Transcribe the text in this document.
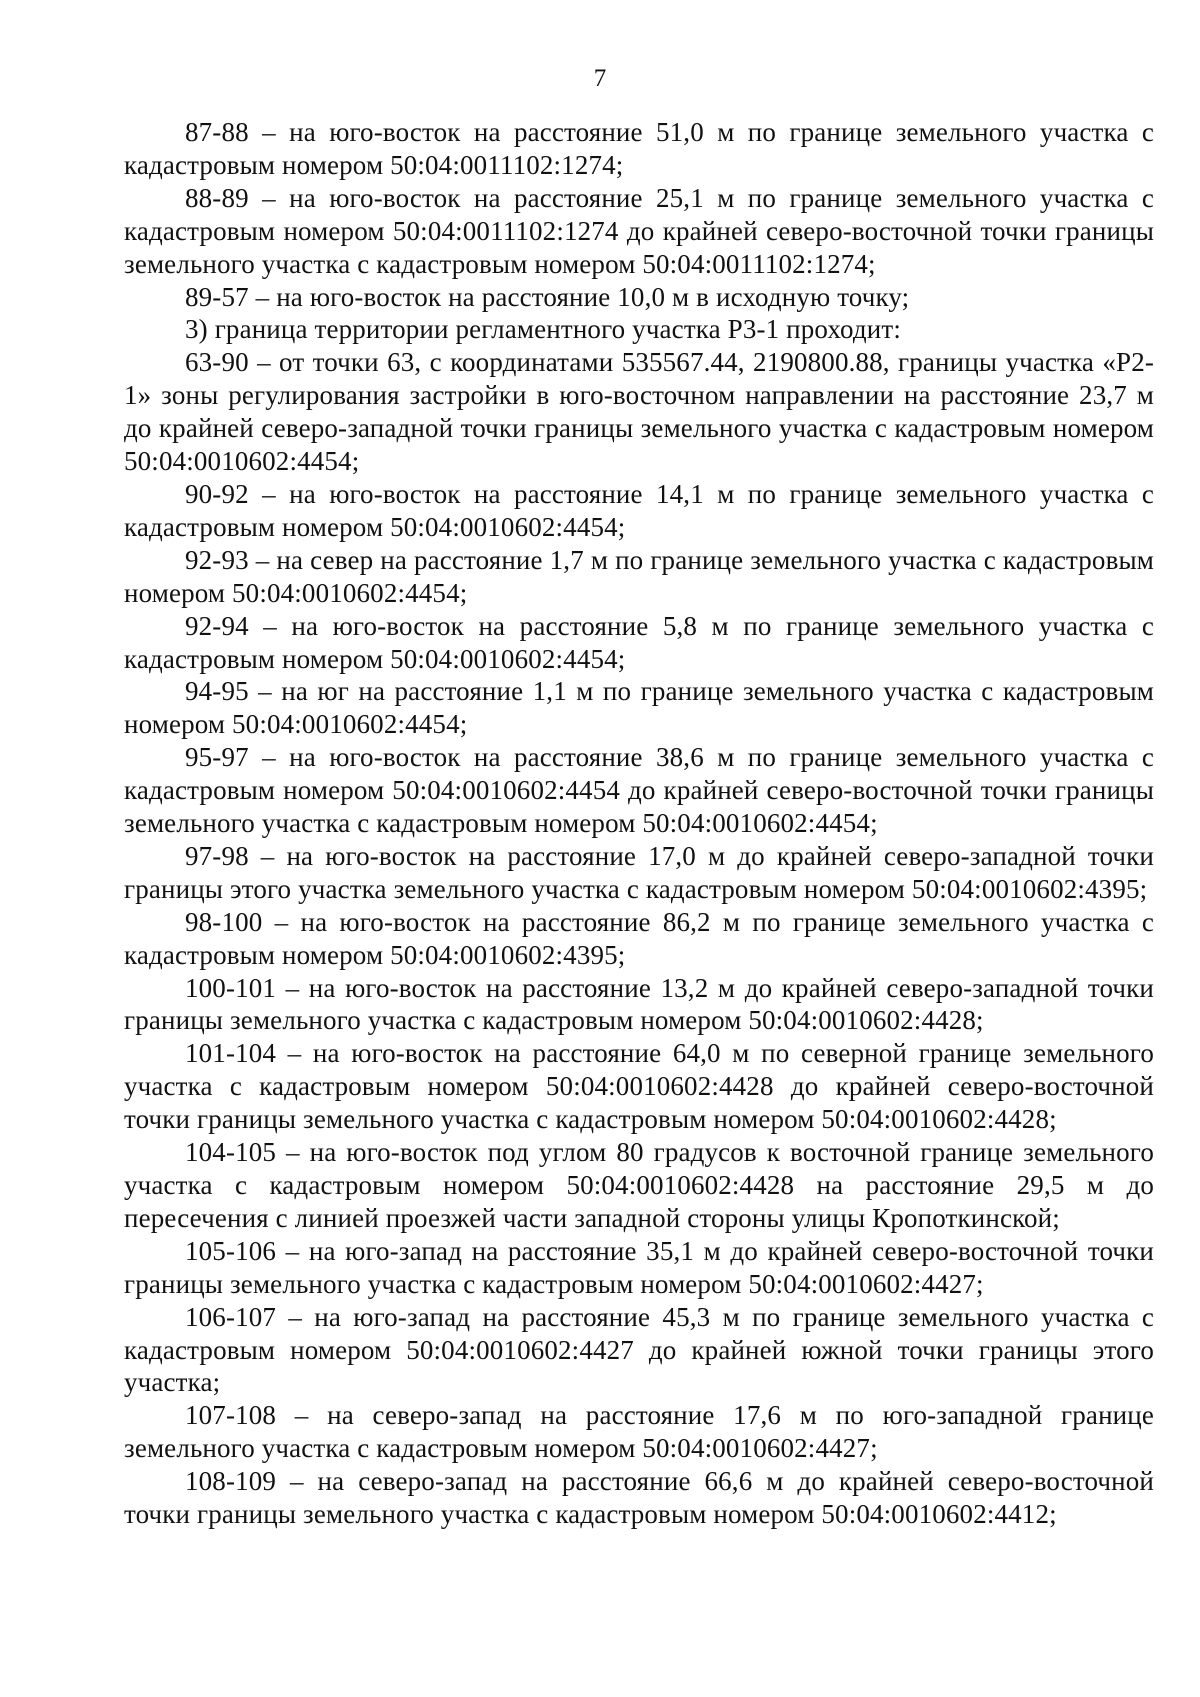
7

87-88 – на юго-восток на расстояние 51,0 м по границе земельного участка с кадастровым номером 50:04:0011102:1274;

88-89 – на юго-восток на расстояние 25,1 м по границе земельного участка с кадастровым номером 50:04:0011102:1274 до крайней северо-восточной точки границы земельного участка с кадастровым номером 50:04:0011102:1274;

89-57 – на юго-восток на расстояние 10,0 м в исходную точку;

3) граница территории регламентного участка Р3-1 проходит:

63-90 – от точки 63, с координатами 535567.44, 2190800.88, границы участка «Р2-1» зоны регулирования застройки в юго-восточном направлении на расстояние 23,7 м до крайней северо-западной точки границы земельного участка с кадастровым номером 50:04:0010602:4454;

90-92 – на юго-восток на расстояние 14,1 м по границе земельного участка с кадастровым номером 50:04:0010602:4454;

92-93 – на север на расстояние 1,7 м по границе земельного участка с кадастровым номером 50:04:0010602:4454;

92-94 – на юго-восток на расстояние 5,8 м по границе земельного участка с кадастровым номером 50:04:0010602:4454;

94-95 – на юг на расстояние 1,1 м по границе земельного участка с кадастровым номером 50:04:0010602:4454;

95-97 – на юго-восток на расстояние 38,6 м по границе земельного участка с кадастровым номером 50:04:0010602:4454 до крайней северо-восточной точки границы земельного участка с кадастровым номером 50:04:0010602:4454;

97-98 – на юго-восток на расстояние 17,0 м до крайней северо-западной точки границы этого участка земельного участка с кадастровым номером 50:04:0010602:4395;

98-100 – на юго-восток на расстояние 86,2 м по границе земельного участка с кадастровым номером 50:04:0010602:4395;

100-101 – на юго-восток на расстояние 13,2 м до крайней северо-западной точки границы земельного участка с кадастровым номером 50:04:0010602:4428;

101-104 – на юго-восток на расстояние 64,0 м по северной границе земельного участка с кадастровым номером 50:04:0010602:4428 до крайней северо-восточной точки границы земельного участка с кадастровым номером 50:04:0010602:4428;

104-105 – на юго-восток под углом 80 градусов к восточной границе земельного участка с кадастровым номером 50:04:0010602:4428 на расстояние 29,5 м до пересечения с линией проезжей части западной стороны улицы Кропоткинской;

105-106 – на юго-запад на расстояние 35,1 м до крайней северо-восточной точки границы земельного участка с кадастровым номером 50:04:0010602:4427;

106-107 – на юго-запад на расстояние 45,3 м по границе земельного участка с кадастровым номером 50:04:0010602:4427 до крайней южной точки границы этого участка;

107-108 – на северо-запад на расстояние 17,6 м по юго-западной границе земельного участка с кадастровым номером 50:04:0010602:4427;

108-109 – на северо-запад на расстояние 66,6 м до крайней северо-восточной точки границы земельного участка с кадастровым номером 50:04:0010602:4412;
